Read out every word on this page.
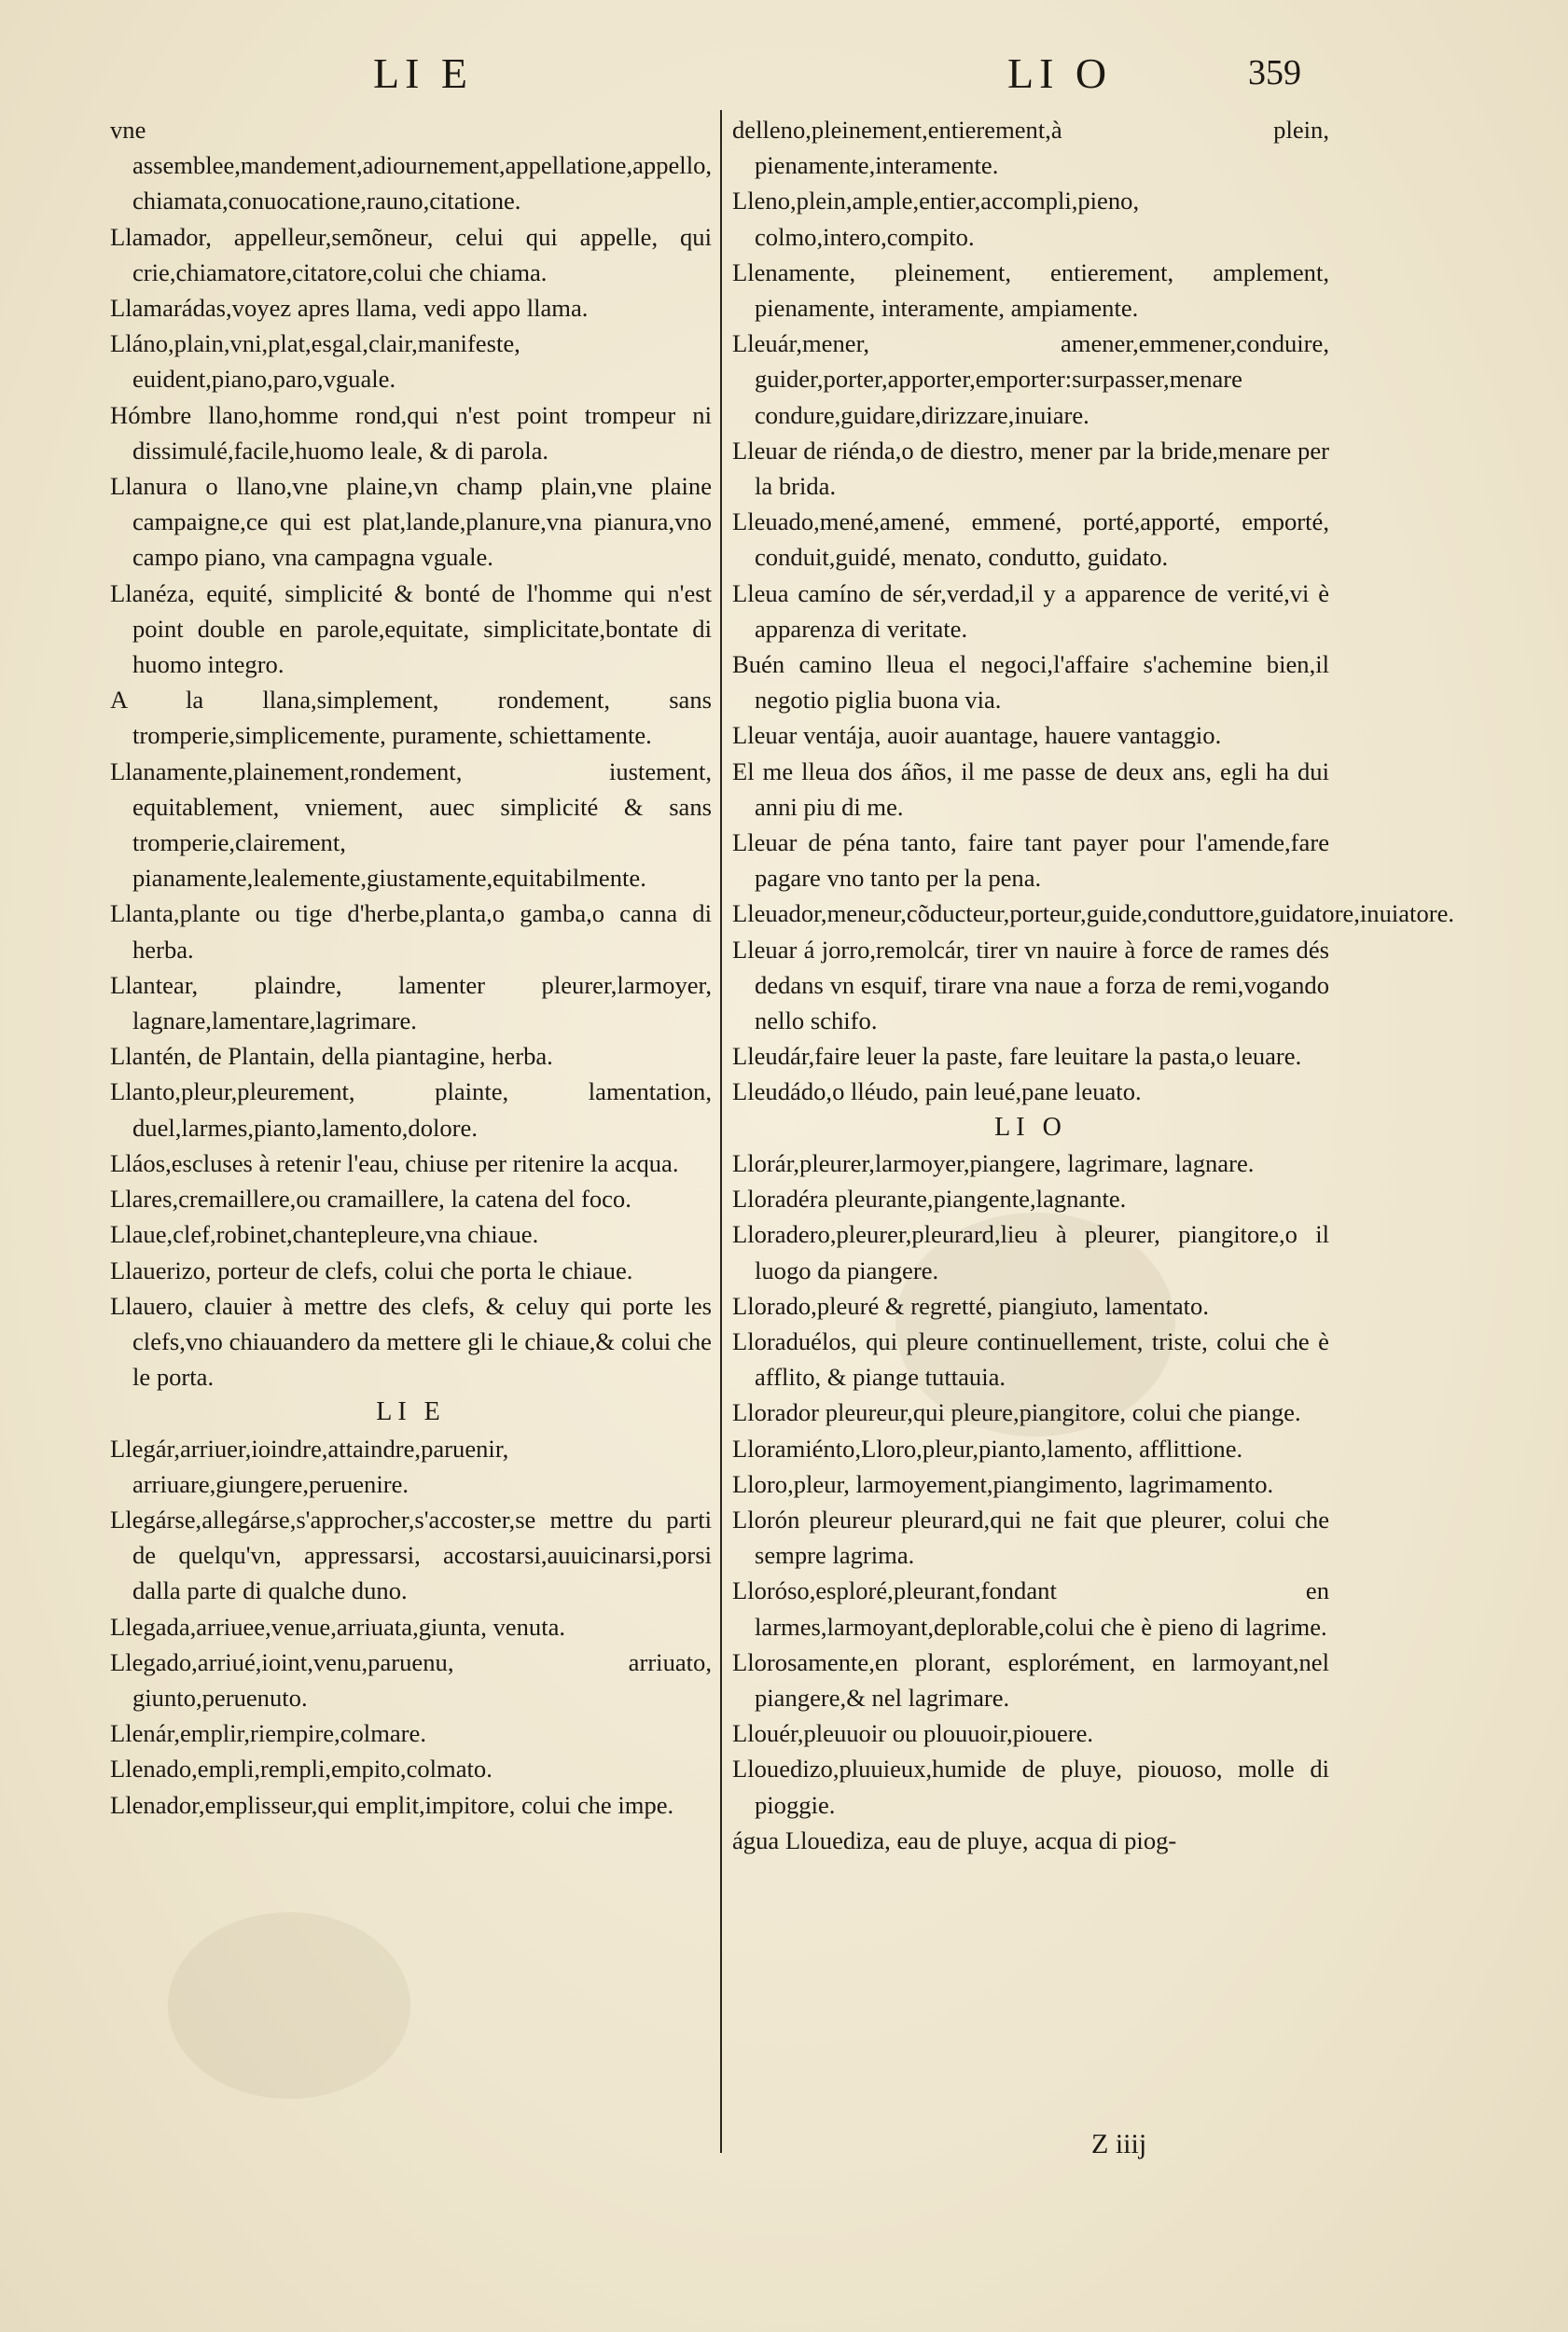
LI E	LI O	359

vne assemblee,mandement,adiournement,appellatione,appello, chiamata,conuocatione,rauno,citatione.

Llamador, appelleur,semõneur, celui qui appelle, qui crie,chiamatore,citatore,colui che chiama.

Llamarádas,voyez apres llama, vedi appo llama.

Lláno,plain,vni,plat,esgal,clair,manifeste, euident,piano,paro,vguale.

Hómbre llano,homme rond,qui n'est point trompeur ni dissimulé,facile,huomo leale, & di parola.

Llanura o llano,vne plaine,vn champ plain,vne plaine campaigne,ce qui est plat,lande,planure,vna pianura,vno campo piano, vna campagna vguale.

Llanéza, equité, simplicité & bonté de l'homme qui n'est point double en parole,equitate, simplicitate,bontate di huomo integro.

A la llana,simplement, rondement, sans tromperie,simplicemente, puramente, schiettamente.

Llanamente,plainement,rondement, iustement, equitablement, vniement, auec simplicité & sans tromperie,clairement, pianamente,lealemente,giustamente,equitabilmente.

Llanta,plante ou tige d'herbe,planta,o gamba,o canna di herba.

Llantear, plaindre, lamenter pleurer,larmoyer, lagnare,lamentare,lagrimare.

Llantén, de Plantain, della piantagine, herba.

Llanto,pleur,pleurement, plainte, lamentation, duel,larmes,pianto,lamento,dolore.

Lláos,escluses à retenir l'eau, chiuse per ritenire la acqua.

Llares,cremaillere,ou cramaillere, la catena del foco.

Llaue,clef,robinet,chantepleure,vna chiaue.

Llauerizo, porteur de clefs, colui che porta le chiaue.

Llauero, clauier à mettre des clefs, & celuy qui porte les clefs,vno chiauandero da mettere gli le chiaue,& colui che le porta.

LI E

Llegár,arriuer,ioindre,attaindre,paruenir, arriuare,giungere,peruenire.

Llegárse,allegárse,s'approcher,s'accoster,se mettre du parti de quelqu'vn, appressarsi, accostarsi,auuicinarsi,porsi dalla parte di qualche duno.

Llegada,arriuee,venue,arriuata,giunta, venuta.

Llegado,arriué,ioint,venu,paruenu, arriuato, giunto,peruenuto.

Llenár,emplir,riempire,colmare.

Llenado,empli,rempli,empito,colmato.

Llenador,emplisseur,qui emplit,impitore, colui che impe.

delleno,pleinement,entierement,à plein, pienamente,interamente.

Lleno,plein,ample,entier,accompli,pieno, colmo,intero,compito.

Llenamente, pleinement, entierement, amplement, pienamente, interamente, ampiamente.

Lleuár,mener, amener,emmener,conduire, guider,porter,apporter,emporter:surpasser,menare condure,guidare,dirizzare,inuiare.

Lleuar de riénda,o de diestro, mener par la bride,menare per la brida.

Lleuado,mené,amené, emmené, porté,apporté, emporté, conduit,guidé, menato, condutto, guidato.

Lleua camíno de sér,verdad,il y a apparence de verité,vi è apparenza di veritate.

Buén camino lleua el negoci,l'affaire s'achemine bien,il negotio piglia buona via.

Lleuar ventája, auoir auantage, hauere vantaggio.

El me lleua dos áños, il me passe de deux ans, egli ha dui anni piu di me.

Lleuar de péna tanto, faire tant payer pour l'amende,fare pagare vno tanto per la pena.

Lleuador,meneur,cõducteur,porteur,guide,conduttore,guidatore,inuiatore.

Lleuar á jorro,remolcár, tirer vn nauire à force de rames dés dedans vn esquif, tirare vna naue a forza de remi,vogando nello schifo.

Lleudár,faire leuer la paste, fare leuitare la pasta,o leuare.

Lleudádo,o lléudo, pain leué,pane leuato.

LI O

Llorár,pleurer,larmoyer,piangere, lagrimare, lagnare.

Lloradéra pleurante,piangente,lagnante.

Lloradero,pleurer,pleurard,lieu à pleurer, piangitore,o il luogo da piangere.

Llorado,pleuré & regretté, piangiuto, lamentato.

Lloraduélos, qui pleure continuellement, triste, colui che è afflito, & piange tuttauia.

Llorador pleureur,qui pleure,piangitore, colui che piange.

Lloramiénto,Lloro,pleur,pianto,lamento, afflittione.

Lloro,pleur, larmoyement,piangimento, lagrimamento.

Llorón pleureur pleurard,qui ne fait que pleurer, colui che sempre lagrima.

Llorósο,esploré,pleurant,fondant en larmes,larmoyant,deplorable,colui che è pieno di lagrime.

Llorosamente,en plorant, esplorément, en larmoyant,nel piangere,& nel lagrimare.

Llouér,pleuuoir ou plouuoir,piouere.

Llouedizo,pluuieux,humide de pluye, piouoso, molle di pioggie.

água Llouediza, eau de pluye, acqua di piog-

Z iiij
